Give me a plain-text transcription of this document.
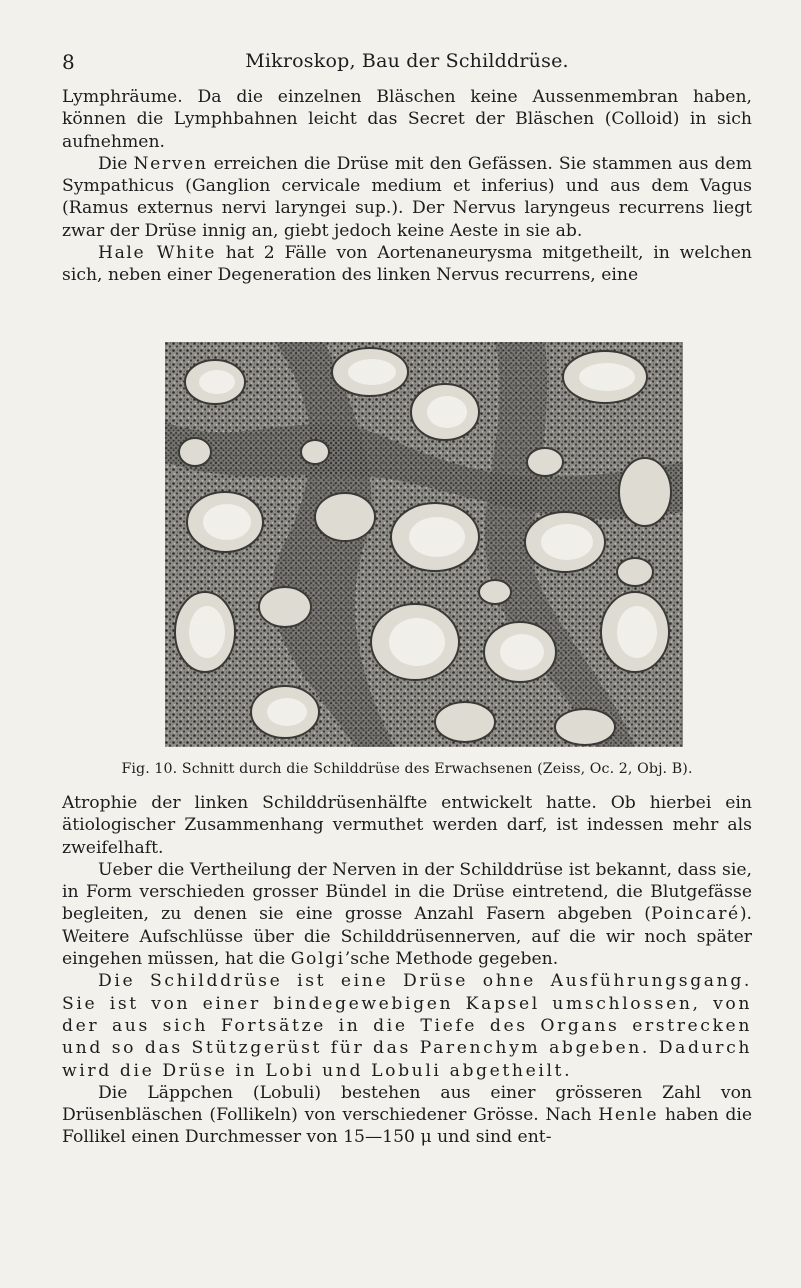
8	Mikroskop, Bau der Schilddrüse.

Lymphräume. Da die einzelnen Bläschen keine Aussenmembran haben, können die Lymphbahnen leicht das Secret der Bläschen (Colloid) in sich aufnehmen.

Die Nerven erreichen die Drüse mit den Gefässen. Sie stammen aus dem Sympathicus (Ganglion cervicale medium et inferius) und aus dem Vagus (Ramus externus nervi laryngei sup.). Der Nervus laryngeus recurrens liegt zwar der Drüse innig an, giebt jedoch keine Aeste in sie ab.

Hale White hat 2 Fälle von Aortenaneurysma mitgetheilt, in welchen sich, neben einer Degeneration des linken Nervus recurrens, eine

Fig. 10. Schnitt durch die Schilddrüse des Erwachsenen (Zeiss, Oc. 2, Obj. B).

Atrophie der linken Schilddrüsenhälfte entwickelt hatte. Ob hierbei ein ätiologischer Zusammenhang vermuthet werden darf, ist indessen mehr als zweifelhaft.

Ueber die Vertheilung der Nerven in der Schilddrüse ist bekannt, dass sie, in Form verschieden grosser Bündel in die Drüse eintretend, die Blutgefässe begleiten, zu denen sie eine grosse Anzahl Fasern abgeben (Poincaré). Weitere Aufschlüsse über die Schilddrüsennerven, auf die wir noch später eingehen müssen, hat die Golgi’sche Methode gegeben.

Die Schilddrüse ist eine Drüse ohne Ausführungsgang. Sie ist von einer bindegewebigen Kapsel umschlossen, von der aus sich Fortsätze in die Tiefe des Organs erstrecken und so das Stützgerüst für das Parenchym abgeben. Dadurch wird die Drüse in Lobi und Lobuli abgetheilt.

Die Läppchen (Lobuli) bestehen aus einer grösseren Zahl von Drüsenbläschen (Follikeln) von verschiedener Grösse. Nach Henle haben die Follikel einen Durchmesser von 15—150 μ und sind ent-
